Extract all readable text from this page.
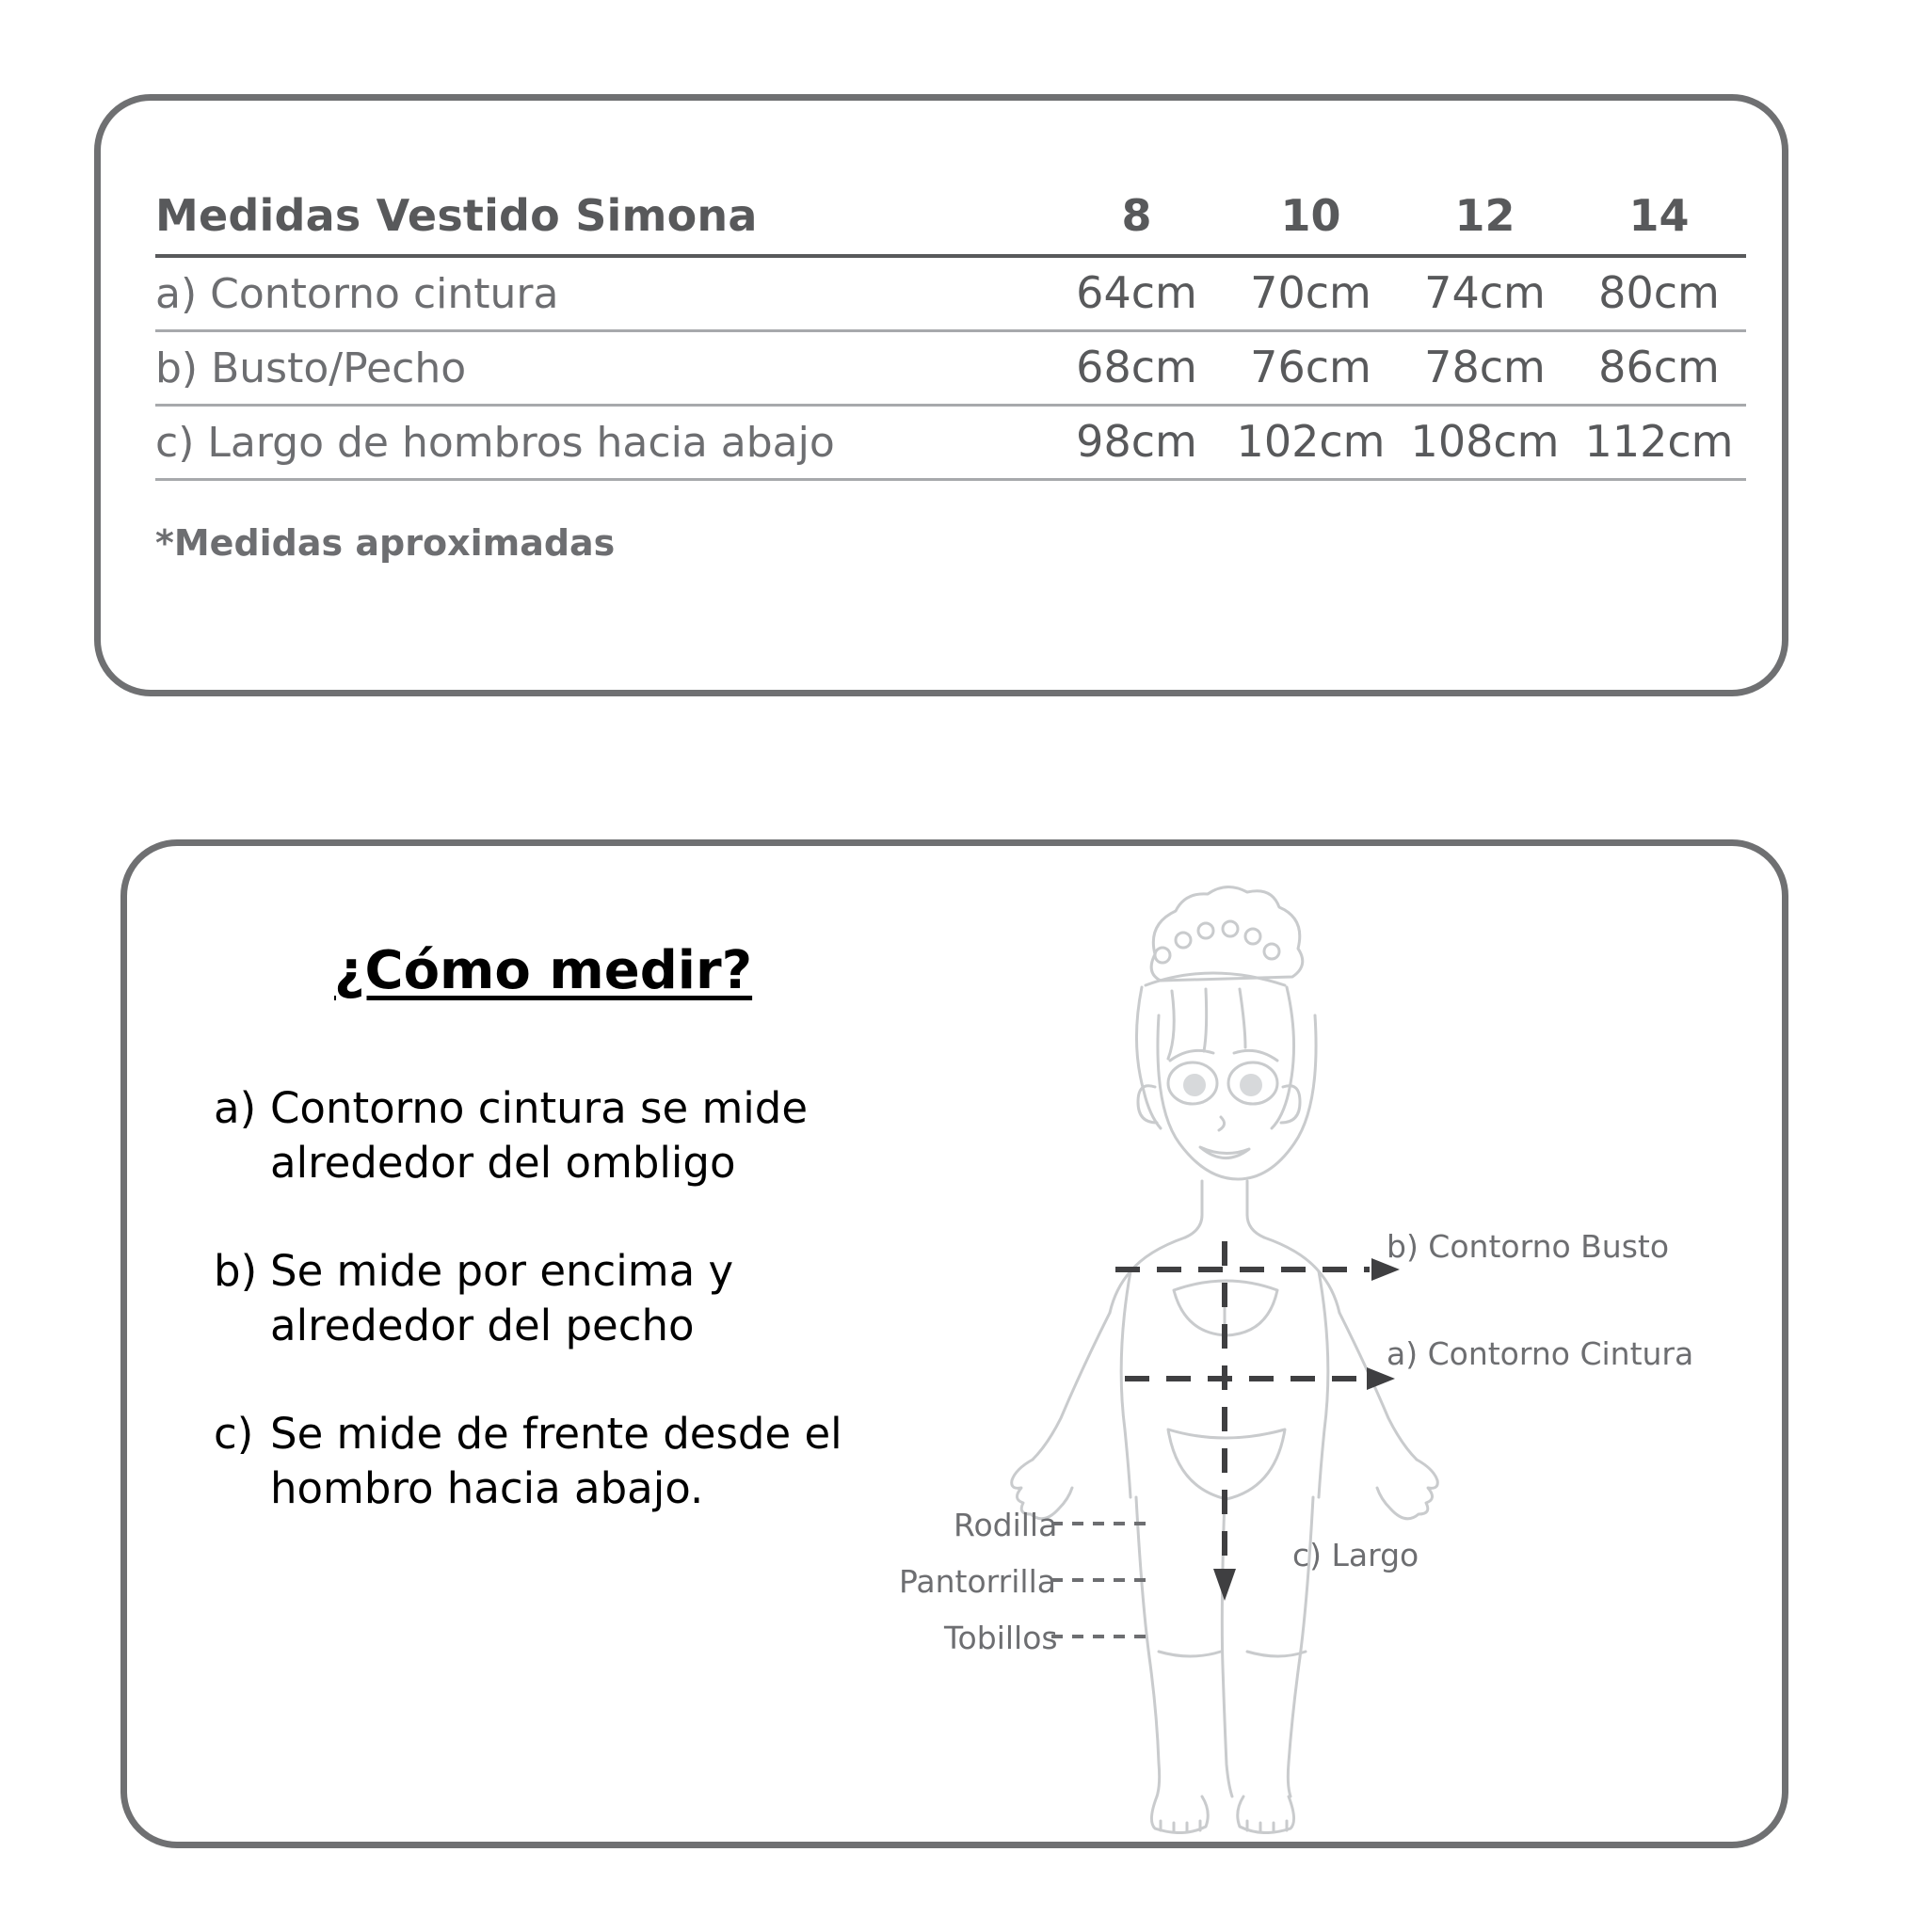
Medidas Vestido Simona	8	10	12	14
a) Contorno cintura	64cm	70cm	74cm	80cm
b) Busto/Pecho	68cm	76cm	78cm	86cm
c) Largo de hombros hacia abajo	98cm	102cm	108cm	112cm
*Medidas aproximadas
¿Cómo medir?
a) Contorno cintura se mide alrededor del ombligo
b) Se mide por encima y alrededor del pecho
c) Se mide de frente desde el hombro hacia abajo.
b) Contorno Busto
a) Contorno Cintura
c) Largo
Rodilla
Pantorrilla
Tobillos
